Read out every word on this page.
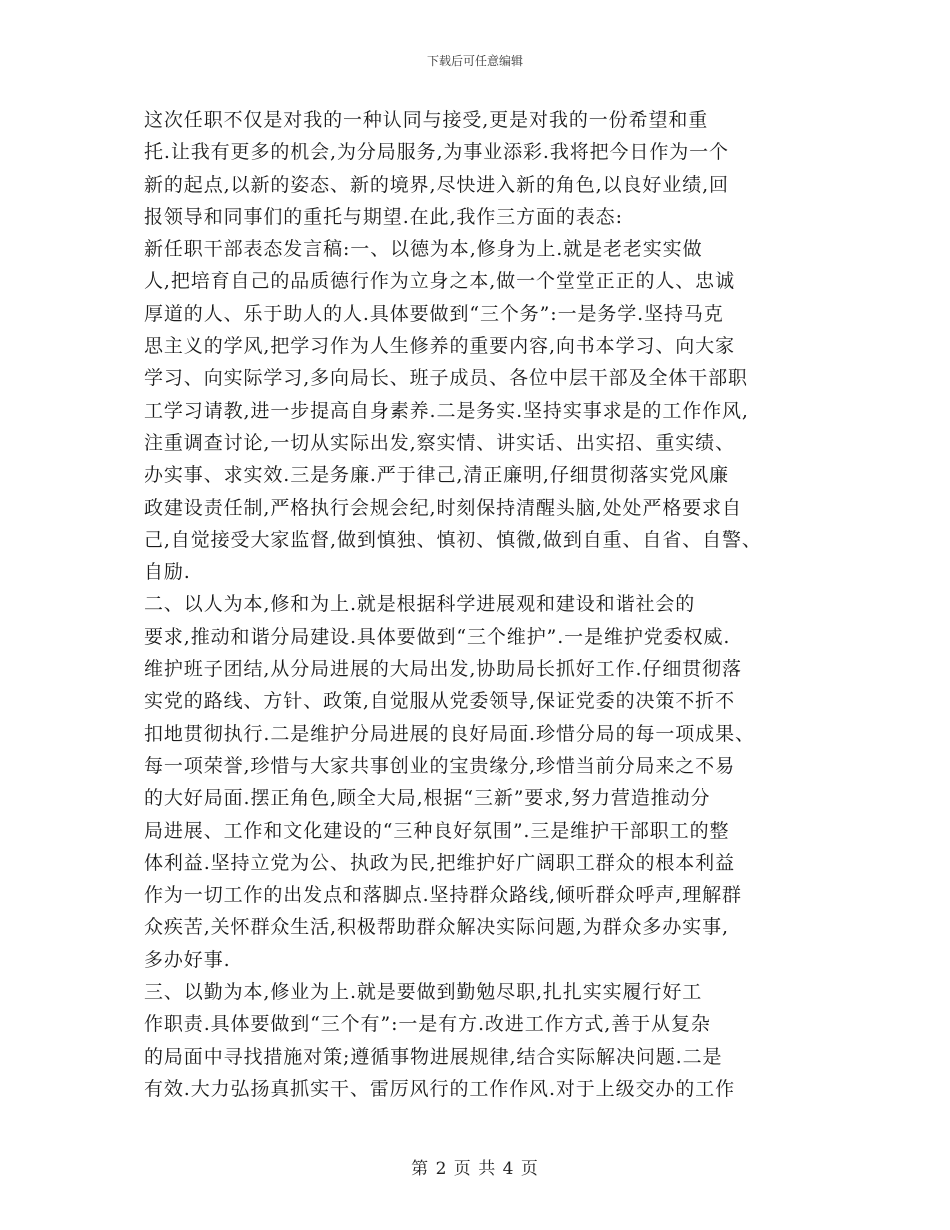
下载后可任意编辑
这次任职不仅是对我的一种认同与接受,更是对我的一份希望和重
托.让我有更多的机会,为分局服务,为事业添彩.我将把今日作为一个
新的起点,以新的姿态、新的境界,尽快进入新的角色,以良好业绩,回
报领导和同事们的重托与期望.在此,我作三方面的表态:
新任职干部表态发言稿:一、以德为本,修身为上.就是老老实实做
人,把培育自己的品质德行作为立身之本,做一个堂堂正正的人、忠诚
厚道的人、乐于助人的人.具体要做到“三个务”:一是务学.坚持马克
思主义的学风,把学习作为人生修养的重要内容,向书本学习、向大家
学习、向实际学习,多向局长、班子成员、各位中层干部及全体干部职
工学习请教,进一步提高自身素养.二是务实.坚持实事求是的工作作风,
注重调查讨论,一切从实际出发,察实情、讲实话、出实招、重实绩、
办实事、求实效.三是务廉.严于律己,清正廉明,仔细贯彻落实党风廉
政建设责任制,严格执行会规会纪,时刻保持清醒头脑,处处严格要求自
己,自觉接受大家监督,做到慎独、慎初、慎微,做到自重、自省、自警、
自励.
二、以人为本,修和为上.就是根据科学进展观和建设和谐社会的
要求,推动和谐分局建设.具体要做到“三个维护”.一是维护党委权威.
维护班子团结,从分局进展的大局出发,协助局长抓好工作.仔细贯彻落
实党的路线、方针、政策,自觉服从党委领导,保证党委的决策不折不
扣地贯彻执行.二是维护分局进展的良好局面.珍惜分局的每一项成果、
每一项荣誉,珍惜与大家共事创业的宝贵缘分,珍惜当前分局来之不易
的大好局面.摆正角色,顾全大局,根据“三新”要求,努力营造推动分
局进展、工作和文化建设的“三种良好氛围”.三是维护干部职工的整
体利益.坚持立党为公、执政为民,把维护好广阔职工群众的根本利益
作为一切工作的出发点和落脚点.坚持群众路线,倾听群众呼声,理解群
众疾苦,关怀群众生活,积极帮助群众解决实际问题,为群众多办实事,
多办好事.
三、以勤为本,修业为上.就是要做到勤勉尽职,扎扎实实履行好工
作职责.具体要做到“三个有”:一是有方.改进工作方式,善于从复杂
的局面中寻找措施对策;遵循事物进展规律,结合实际解决问题.二是
有效.大力弘扬真抓实干、雷厉风行的工作作风.对于上级交办的工作
第 2 页 共 4 页
